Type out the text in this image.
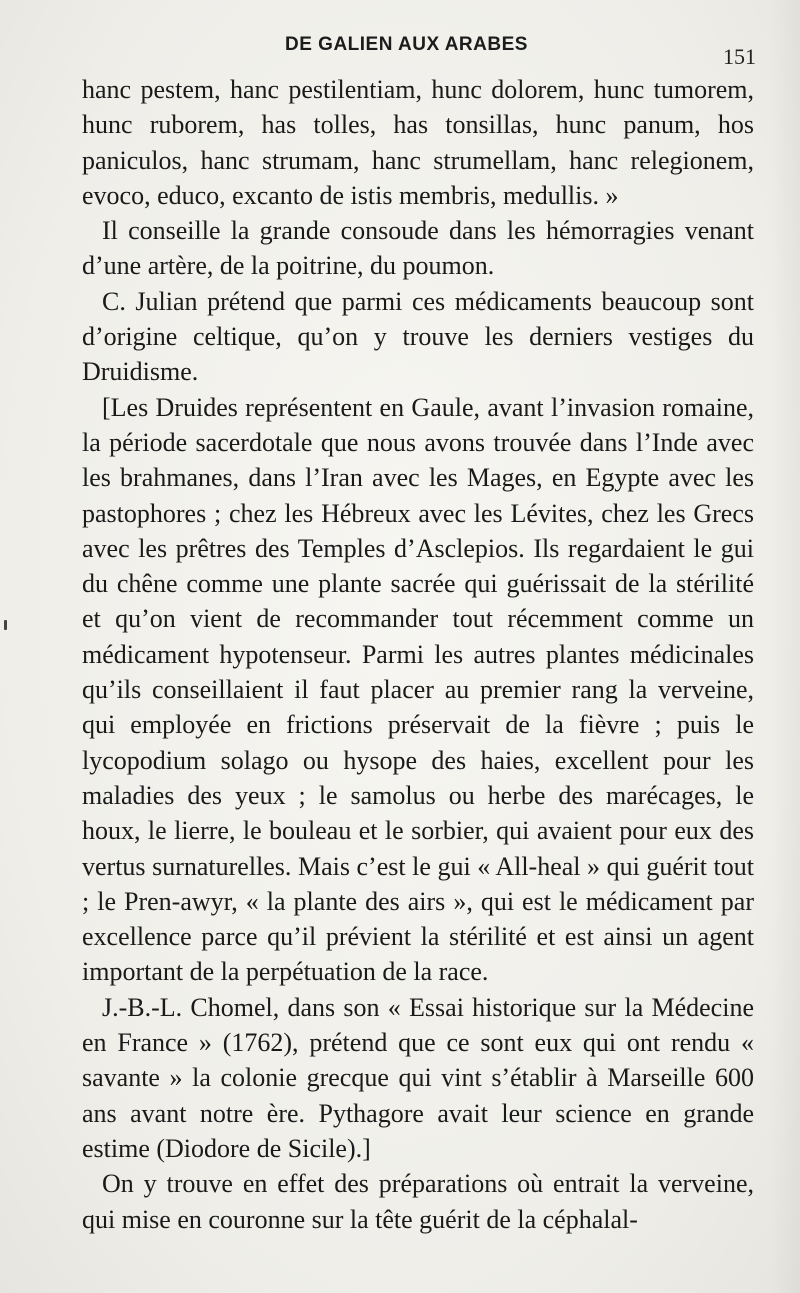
DE GALIEN AUX ARABES	151

hanc pestem, hanc pestilentiam, hunc dolorem, hunc tumorem, hunc ruborem, has tolles, has tonsillas, hunc panum, hos paniculos, hanc strumam, hanc strumellam, hanc relegionem, evoco, educo, excanto de istis membris, medullis. »

Il conseille la grande consoude dans les hémorragies venant d’une artère, de la poitrine, du poumon.

C. Julian prétend que parmi ces médicaments beaucoup sont d’origine celtique, qu’on y trouve les derniers vestiges du Druidisme.

[Les Druides représentent en Gaule, avant l’invasion romaine, la période sacerdotale que nous avons trouvée dans l’Inde avec les brahmanes, dans l’Iran avec les Mages, en Egypte avec les pastophores ; chez les Hébreux avec les Lévites, chez les Grecs avec les prêtres des Temples d’Asclepios. Ils regardaient le gui du chêne comme une plante sacrée qui guérissait de la stérilité et qu’on vient de recommander tout récemment comme un médicament hypotenseur. Parmi les autres plantes médicinales qu’ils conseillaient il faut placer au premier rang la verveine, qui employée en frictions préservait de la fièvre ; puis le lycopodium solago ou hysope des haies, excellent pour les maladies des yeux ; le samolus ou herbe des marécages, le houx, le lierre, le bouleau et le sorbier, qui avaient pour eux des vertus surnaturelles. Mais c’est le gui « All-heal » qui guérit tout ; le Pren-awyr, « la plante des airs », qui est le médicament par excellence parce qu’il prévient la stérilité et est ainsi un agent important de la perpétuation de la race.

J.-B.-L. Chomel, dans son « Essai historique sur la Médecine en France » (1762), prétend que ce sont eux qui ont rendu « savante » la colonie grecque qui vint s’établir à Marseille 600 ans avant notre ère. Pythagore avait leur science en grande estime (Diodore de Sicile).]

On y trouve en effet des préparations où entrait la verveine, qui mise en couronne sur la tête guérit de la céphalal-
